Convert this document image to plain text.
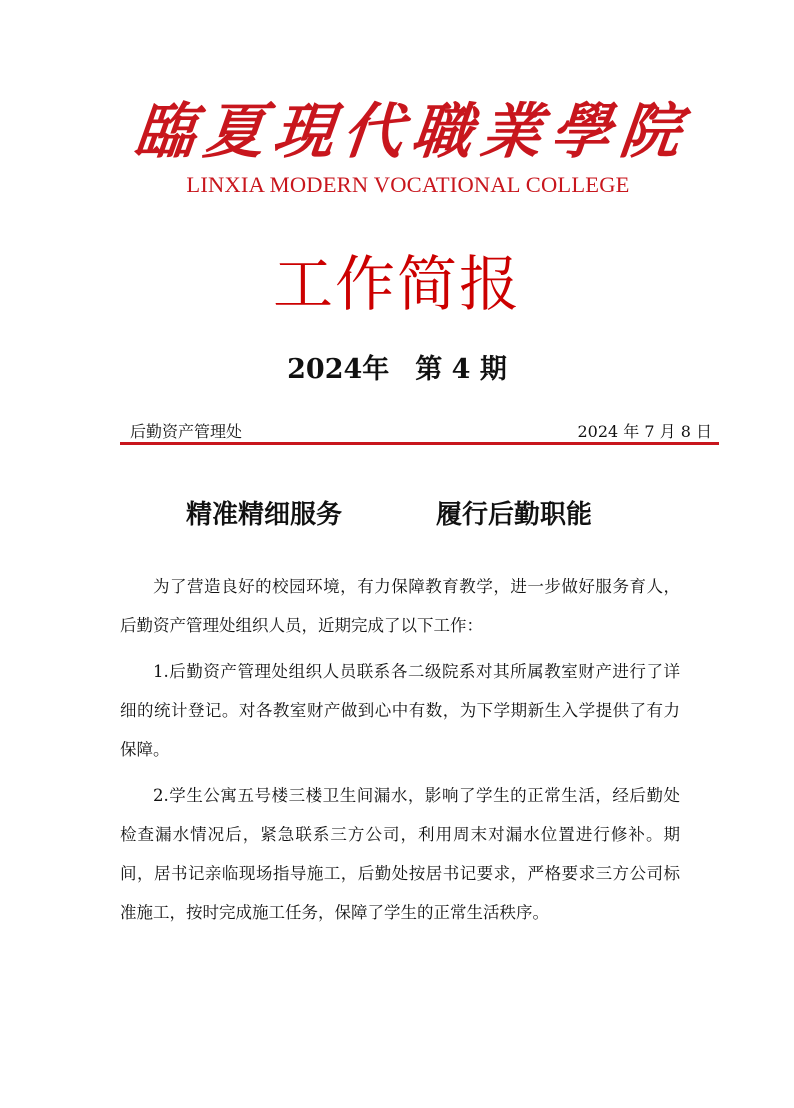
臨 夏 現 代 職 業 學 院
LINXIA MODERN VOCATIONAL COLLEGE
工作简报
2024年 第 4 期
后勤资产管理处	2024 年 7 月 8 日
精准精细服务	履行后勤职能

为了营造良好的校园环境，有力保障教育教学，进一步做好服务育人，后勤资产管理处组织人员，近期完成了以下工作：

1.后勤资产管理处组织人员联系各二级院系对其所属教室财产进行了详细的统计登记。对各教室财产做到心中有数，为下学期新生入学提供了有力保障。

2.学生公寓五号楼三楼卫生间漏水，影响了学生的正常生活，经后勤处检查漏水情况后，紧急联系三方公司，利用周末对漏水位置进行修补。期间，居书记亲临现场指导施工，后勤处按居书记要求，严格要求三方公司标准施工，按时完成施工任务，保障了学生的正常生活秩序。
